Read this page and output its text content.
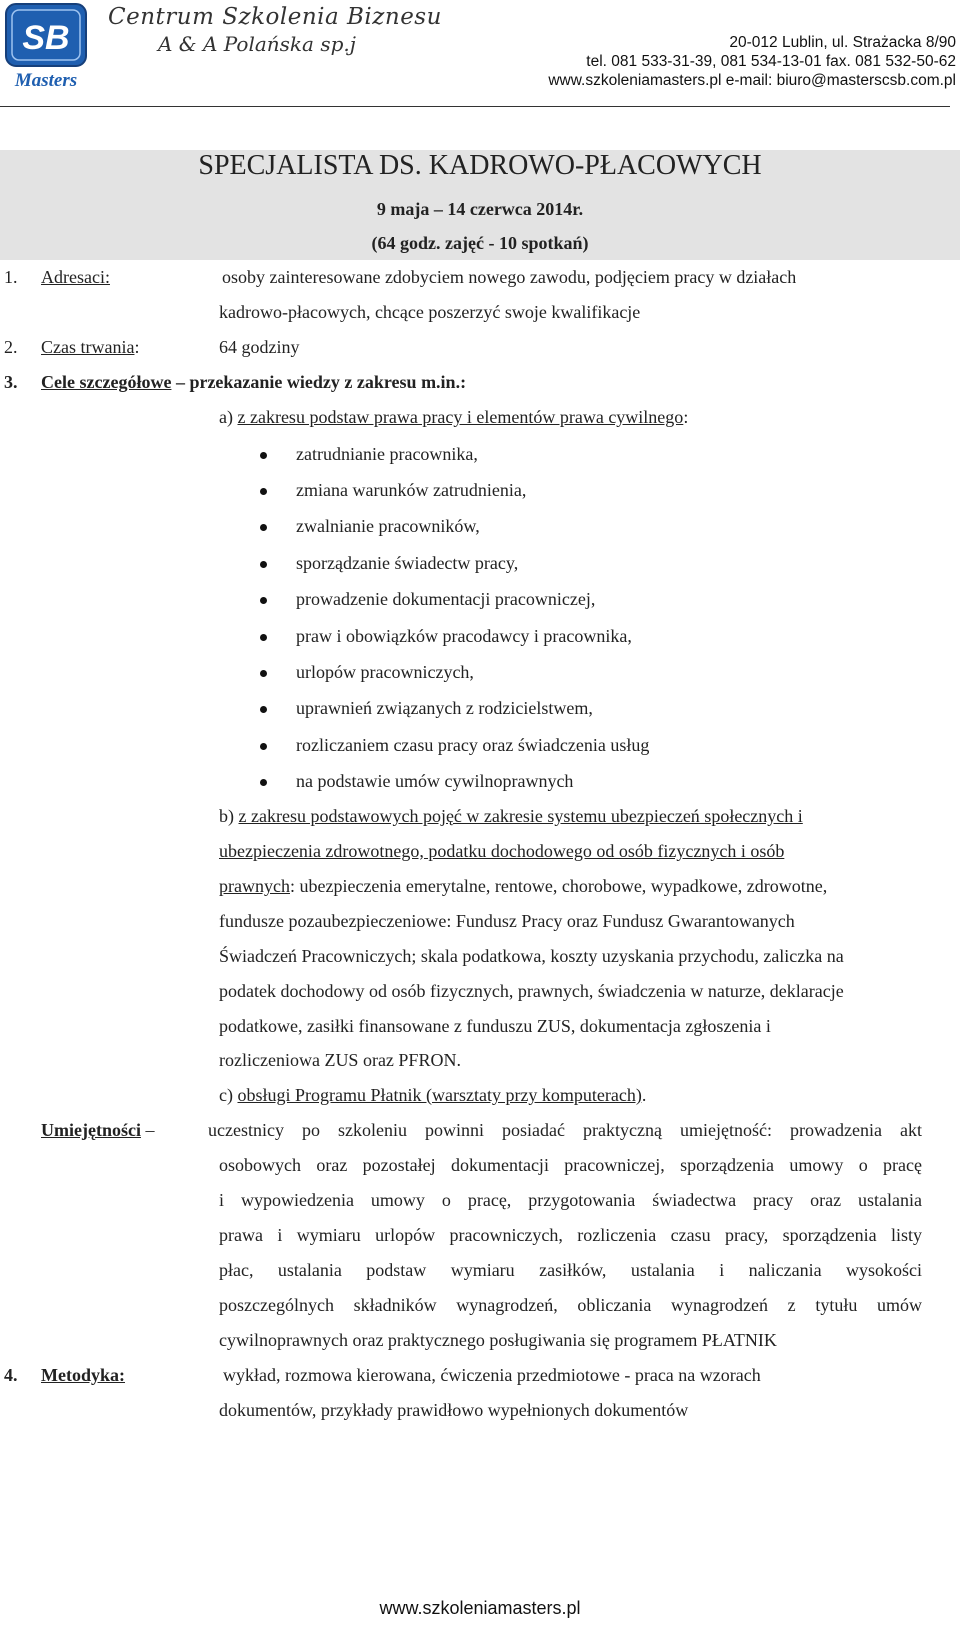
SB
Masters
Centrum Szkolenia Biznesu
A & A Polańska sp.j	20-012 Lublin, ul. Strażacka 8/90
tel. 081 533-31-39, 081 534-13-01 fax. 081 532-50-62
www.szkoleniamasters.pl e-mail: biuro@masterscsb.com.pl
SPECJALISTA DS. KADROWO-PŁACOWYCH
9 maja – 14 czerwca 2014r.
(64 godz. zajęć - 10 spotkań)
1. Adresaci:	osoby zainteresowane zdobyciem nowego zawodu, podjęciem pracy w działach
kadrowo-płacowych, chcące poszerzyć swoje kwalifikacje
2. Czas trwania:	64 godziny
3. Cele szczegółowe – przekazanie wiedzy z zakresu m.in.:
a) z zakresu podstaw prawa pracy i elementów prawa cywilnego:
zatrudnianie pracownika,
zmiana warunków zatrudnienia,
zwalnianie pracowników,
sporządzanie świadectw pracy,
prowadzenie dokumentacji pracowniczej,
praw i obowiązków pracodawcy i pracownika,
urlopów pracowniczych,
uprawnień związanych z rodzicielstwem,
rozliczaniem czasu pracy oraz świadczenia usług
na podstawie umów cywilnoprawnych
b) z zakresu podstawowych pojęć w zakresie systemu ubezpieczeń społecznych i
ubezpieczenia zdrowotnego, podatku dochodowego od osób fizycznych i osób
prawnych: ubezpieczenia emerytalne, rentowe, chorobowe, wypadkowe, zdrowotne,
fundusze pozaubezpieczeniowe: Fundusz Pracy oraz Fundusz Gwarantowanych
Świadczeń Pracowniczych; skala podatkowa, koszty uzyskania przychodu, zaliczka na
podatek dochodowy od osób fizycznych, prawnych, świadczenia w naturze, deklaracje
podatkowe, zasiłki finansowane z funduszu ZUS, dokumentacja zgłoszenia i
rozliczeniowa ZUS oraz PFRON.
c) obsługi Programu Płatnik (warsztaty przy komputerach).
Umiejętności –	uczestnicy po szkoleniu powinni posiadać praktyczną umiejętność: prowadzenia akt
osobowych oraz pozostałej dokumentacji pracowniczej, sporządzenia umowy o pracę
i wypowiedzenia umowy o pracę, przygotowania świadectwa pracy oraz ustalania
prawa i wymiaru urlopów pracowniczych, rozliczenia czasu pracy, sporządzenia listy
płac, ustalania podstaw wymiaru zasiłków, ustalania i naliczania wysokości
poszczególnych składników wynagrodzeń, obliczania wynagrodzeń z tytułu umów
cywilnoprawnych oraz praktycznego posługiwania się programem PŁATNIK
4. Metodyka:	wykład, rozmowa kierowana, ćwiczenia przedmiotowe - praca na wzorach
dokumentów, przykłady prawidłowo wypełnionych dokumentów
www.szkoleniamasters.pl
